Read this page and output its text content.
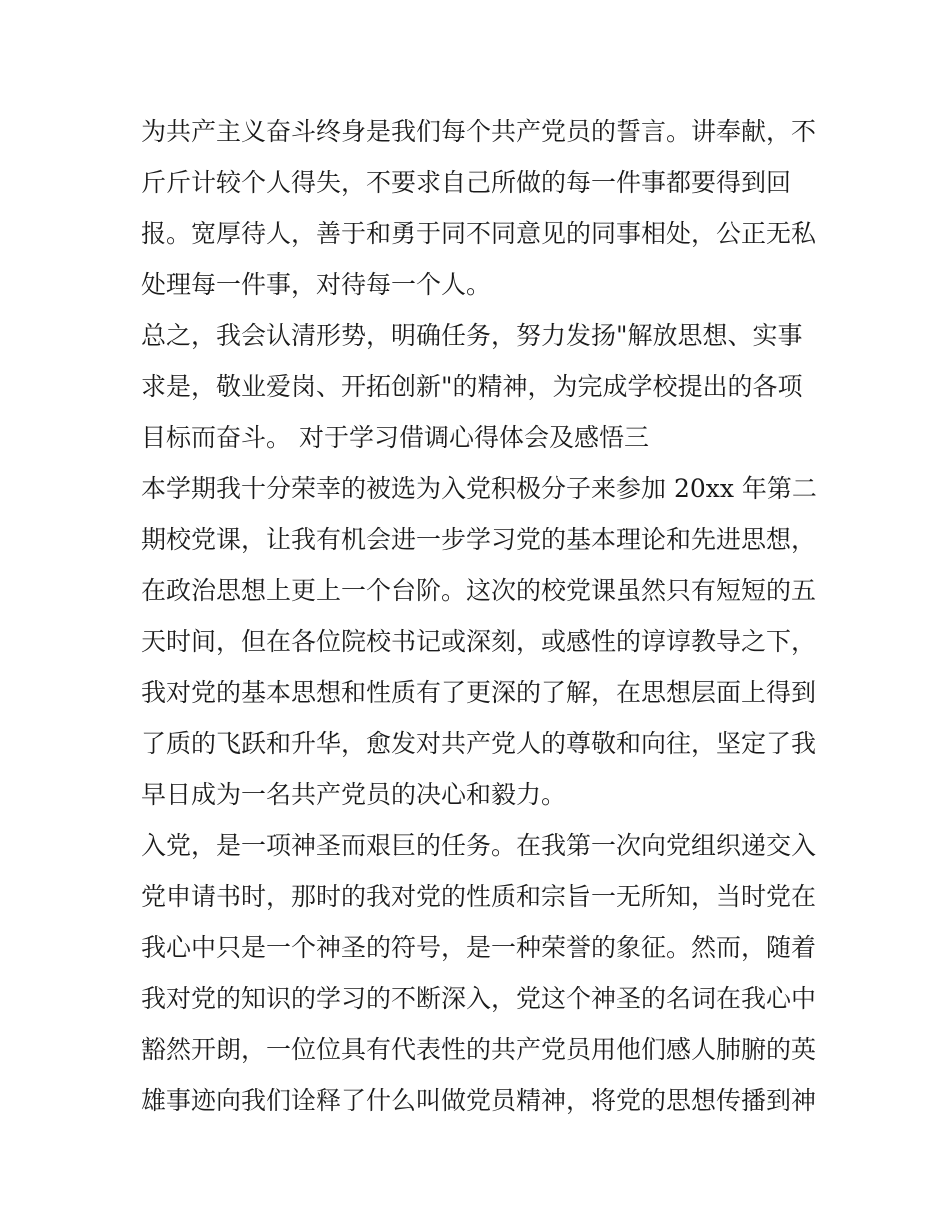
为共产主义奋斗终身是我们每个共产党员的誓言。讲奉献，不
斤斤计较个人得失，不要求自己所做的每一件事都要得到回
报。宽厚待人，善于和勇于同不同意见的同事相处，公正无私
处理每一件事，对待每一个人。
总之，我会认清形势，明确任务，努力发扬"解放思想、实事
求是，敬业爱岗、开拓创新"的精神，为完成学校提出的各项
目标而奋斗。 对于学习借调心得体会及感悟三
本学期我十分荣幸的被选为入党积极分子来参加 20xx 年第二
期校党课，让我有机会进一步学习党的基本理论和先进思想，
在政治思想上更上一个台阶。这次的校党课虽然只有短短的五
天时间，但在各位院校书记或深刻，或感性的谆谆教导之下，
我对党的基本思想和性质有了更深的了解，在思想层面上得到
了质的飞跃和升华，愈发对共产党人的尊敬和向往，坚定了我
早日成为一名共产党员的决心和毅力。
入党，是一项神圣而艰巨的任务。在我第一次向党组织递交入
党申请书时，那时的我对党的性质和宗旨一无所知，当时党在
我心中只是一个神圣的符号，是一种荣誉的象征。然而，随着
我对党的知识的学习的不断深入，党这个神圣的名词在我心中
豁然开朗，一位位具有代表性的共产党员用他们感人肺腑的英
雄事迹向我们诠释了什么叫做党员精神，将党的思想传播到神
